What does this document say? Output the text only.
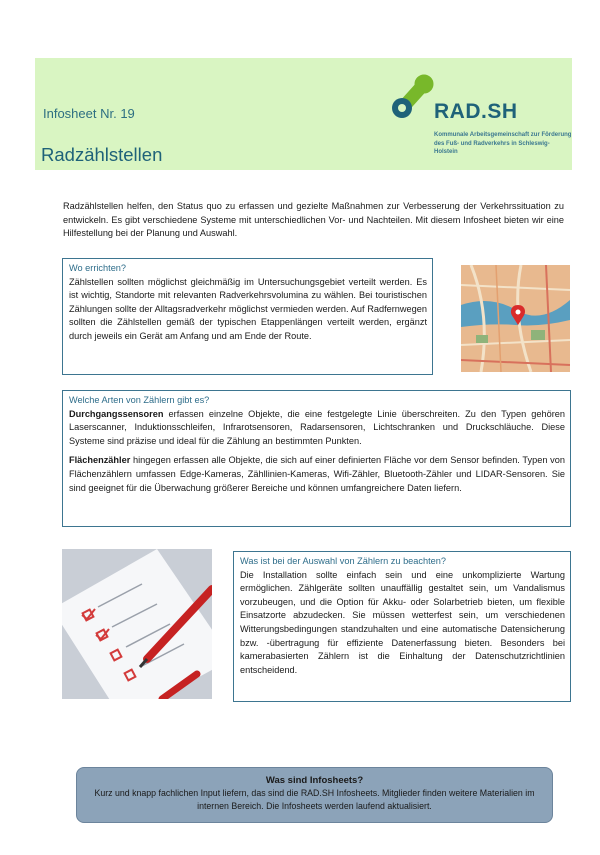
Infosheet Nr. 19
Radzählstellen
RAD.SH
Kommunale Arbeitsgemeinschaft zur Förderung des Fuß- und Radverkehrs in Schleswig-Holstein

Radzählstellen helfen, den Status quo zu erfassen und gezielte Maßnahmen zur Verbesserung der Verkehrssituation zu entwickeln. Es gibt verschiedene Systeme mit unterschiedlichen Vor- und Nachteilen. Mit diesem Infosheet bieten wir eine Hilfestellung bei der Planung und Auswahl.

Wo errichten?

Zählstellen sollten möglichst gleichmäßig im Untersuchungsgebiet verteilt werden. Es ist wichtig, Standorte mit relevanten Radverkehrsvolumina zu wählen. Bei touristischen Zählungen sollte der Alltagsradverkehr möglichst vermieden werden. Auf Radfernwegen sollten die Zählstellen gemäß der typischen Etappenlängen verteilt werden, ergänzt durch jeweils ein Gerät am Anfang und am Ende der Route.

Welche Arten von Zählern gibt es?

Durchgangssensoren erfassen einzelne Objekte, die eine festgelegte Linie überschreiten. Zu den Typen gehören Laserscanner, Induktionsschleifen, Infrarotsensoren, Radarsensoren, Lichtschranken und Druckschläuche. Diese Systeme sind präzise und ideal für die Zählung an bestimmten Punkten.

Flächenzähler hingegen erfassen alle Objekte, die sich auf einer definierten Fläche vor dem Sensor befinden. Typen von Flächenzählern umfassen Edge-Kameras, Zähllinien-Kameras, Wifi-Zähler, Bluetooth-Zähler und LIDAR-Sensoren. Sie sind geeignet für die Überwachung größerer Bereiche und können umfangreichere Daten liefern.

Was ist bei der Auswahl von Zählern zu beachten?

Die Installation sollte einfach sein und eine unkomplizierte Wartung ermöglichen. Zählgeräte sollten unauffällig gestaltet sein, um Vandalismus vorzubeugen, und die Option für Akku- oder Solarbetrieb bieten, um flexible Einsatzorte abzudecken. Sie müssen wetterfest sein, um verschiedenen Witterungsbedingungen standzuhalten und eine automatische Datensicherung bzw. -übertragung für effiziente Datenerfassung bieten. Besonders bei kamerabasierten Zählern ist die Einhaltung der Datenschutzrichtlinien entscheidend.

Was sind Infosheets?
Kurz und knapp fachlichen Input liefern, das sind die RAD.SH Infosheets. Mitglieder finden weitere Materialien im internen Bereich. Die Infosheets werden laufend aktualisiert.
